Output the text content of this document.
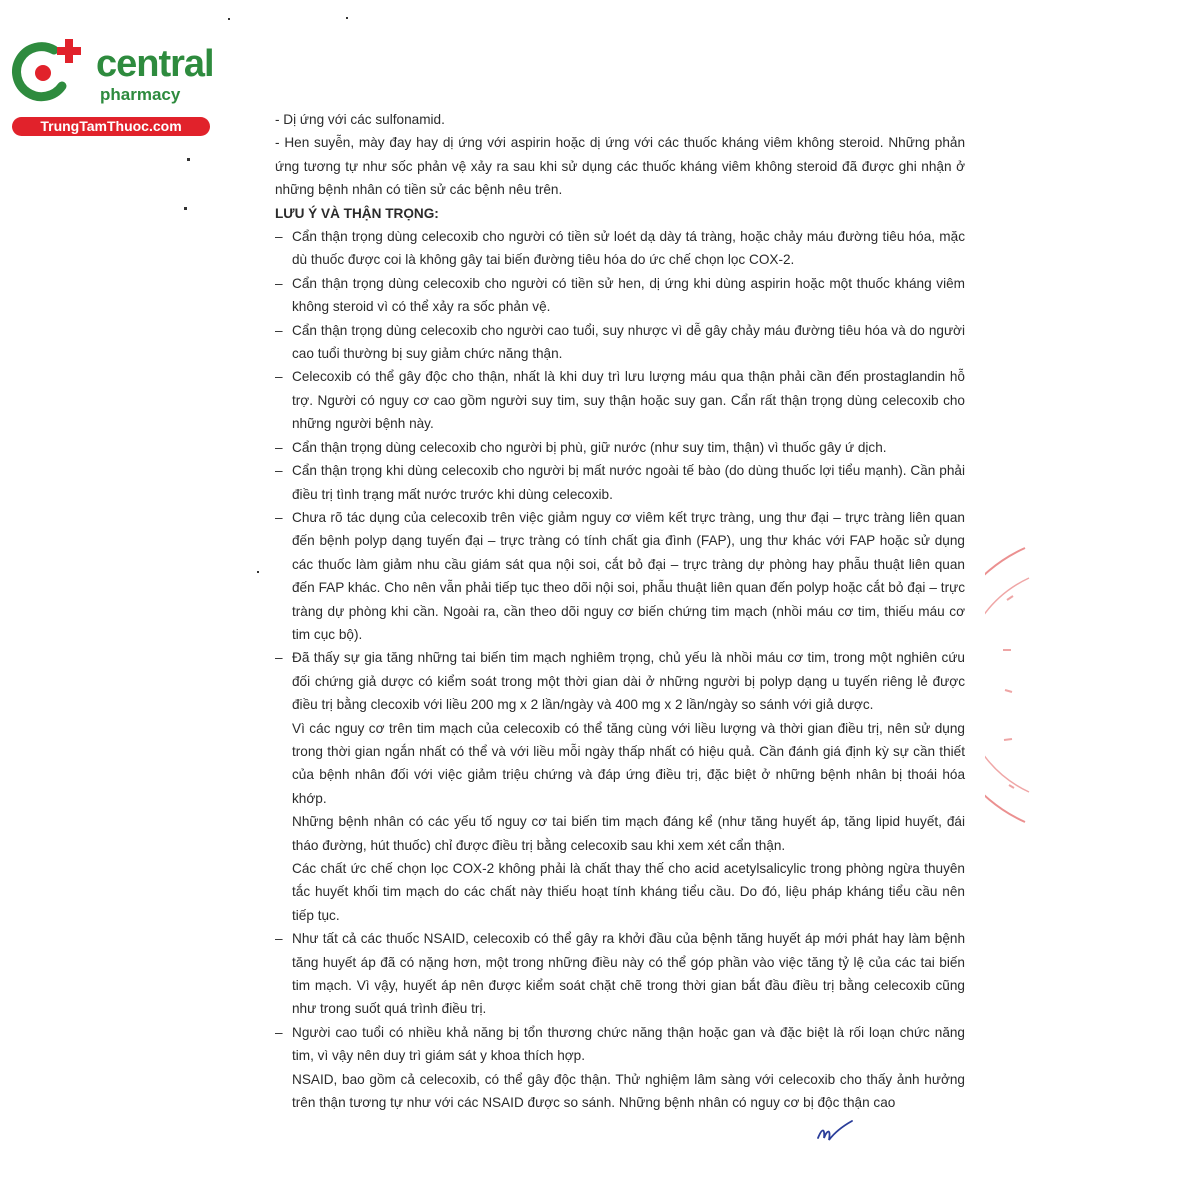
central
pharmacy
TrungTamThuoc.com	- Dị ứng với các sulfonamid.

- Hen suyễn, mày đay hay dị ứng với aspirin hoặc dị ứng với các thuốc kháng viêm không steroid. Những phản ứng tương tự như sốc phản vệ xảy ra sau khi sử dụng các thuốc kháng viêm không steroid đã được ghi nhận ở những bệnh nhân có tiền sử các bệnh nêu trên.

LƯU Ý VÀ THẬN TRỌNG:

– Cẩn thận trọng dùng celecoxib cho người có tiền sử loét dạ dày tá tràng, hoặc chảy máu đường tiêu hóa, mặc dù thuốc được coi là không gây tai biến đường tiêu hóa do ức chế chọn lọc COX-2.

– Cẩn thận trọng dùng celecoxib cho người có tiền sử hen, dị ứng khi dùng aspirin hoặc một thuốc kháng viêm không steroid vì có thể xảy ra sốc phản vệ.

– Cẩn thận trọng dùng celecoxib cho người cao tuổi, suy nhược vì dễ gây chảy máu đường tiêu hóa và do người cao tuổi thường bị suy giảm chức năng thận.

– Celecoxib có thể gây độc cho thận, nhất là khi duy trì lưu lượng máu qua thận phải cần đến prostaglandin hỗ trợ. Người có nguy cơ cao gồm người suy tim, suy thận hoặc suy gan. Cẩn rất thận trọng dùng celecoxib cho những người bệnh này.

– Cẩn thận trọng dùng celecoxib cho người bị phù, giữ nước (như suy tim, thận) vì thuốc gây ứ dịch.

– Cẩn thận trọng khi dùng celecoxib cho người bị mất nước ngoài tế bào (do dùng thuốc lợi tiểu mạnh). Cần phải điều trị tình trạng mất nước trước khi dùng celecoxib.

– Chưa rõ tác dụng của celecoxib trên việc giảm nguy cơ viêm kết trực tràng, ung thư đại – trực tràng liên quan đến bệnh polyp dạng tuyến đại – trực tràng có tính chất gia đình (FAP), ung thư khác với FAP hoặc sử dụng các thuốc làm giảm nhu cầu giám sát qua nội soi, cắt bỏ đại – trực tràng dự phòng hay phẫu thuật liên quan đến FAP khác. Cho nên vẫn phải tiếp tục theo dõi nội soi, phẫu thuật liên quan đến polyp hoặc cắt bỏ đại – trực tràng dự phòng khi cần. Ngoài ra, cần theo dõi nguy cơ biến chứng tim mạch (nhồi máu cơ tim, thiếu máu cơ tim cục bộ).

– Đã thấy sự gia tăng những tai biến tim mạch nghiêm trọng, chủ yếu là nhồi máu cơ tim, trong một nghiên cứu đối chứng giả dược có kiểm soát trong một thời gian dài ở những người bị polyp dạng u tuyến riêng lẻ được điều trị bằng clecoxib với liều 200 mg x 2 lần/ngày và 400 mg x 2 lần/ngày so sánh với giả dược.

Vì các nguy cơ trên tim mạch của celecoxib có thể tăng cùng với liều lượng và thời gian điều trị, nên sử dụng trong thời gian ngắn nhất có thể và với liều mỗi ngày thấp nhất có hiệu quả. Cần đánh giá định kỳ sự cần thiết của bệnh nhân đối với việc giảm triệu chứng và đáp ứng điều trị, đặc biệt ở những bệnh nhân bị thoái hóa khớp.

Những bệnh nhân có các yếu tố nguy cơ tai biến tim mạch đáng kể (như tăng huyết áp, tăng lipid huyết, đái tháo đường, hút thuốc) chỉ được điều trị bằng celecoxib sau khi xem xét cẩn thận.

Các chất ức chế chọn lọc COX-2 không phải là chất thay thế cho acid acetylsalicylic trong phòng ngừa thuyên tắc huyết khối tim mạch do các chất này thiếu hoạt tính kháng tiểu cầu. Do đó, liệu pháp kháng tiểu cầu nên tiếp tục.

– Như tất cả các thuốc NSAID, celecoxib có thể gây ra khởi đầu của bệnh tăng huyết áp mới phát hay làm bệnh tăng huyết áp đã có nặng hơn, một trong những điều này có thể góp phần vào việc tăng tỷ lệ của các tai biến tim mạch. Vì vậy, huyết áp nên được kiểm soát chặt chẽ trong thời gian bắt đầu điều trị bằng celecoxib cũng như trong suốt quá trình điều trị.

– Người cao tuổi có nhiều khả năng bị tổn thương chức năng thận hoặc gan và đặc biệt là rối loạn chức năng tim, vì vậy nên duy trì giám sát y khoa thích hợp.

NSAID, bao gồm cả celecoxib, có thể gây độc thận. Thử nghiệm lâm sàng với celecoxib cho thấy ảnh hưởng trên thận tương tự như với các NSAID được so sánh. Những bệnh nhân có nguy cơ bị độc thận cao
